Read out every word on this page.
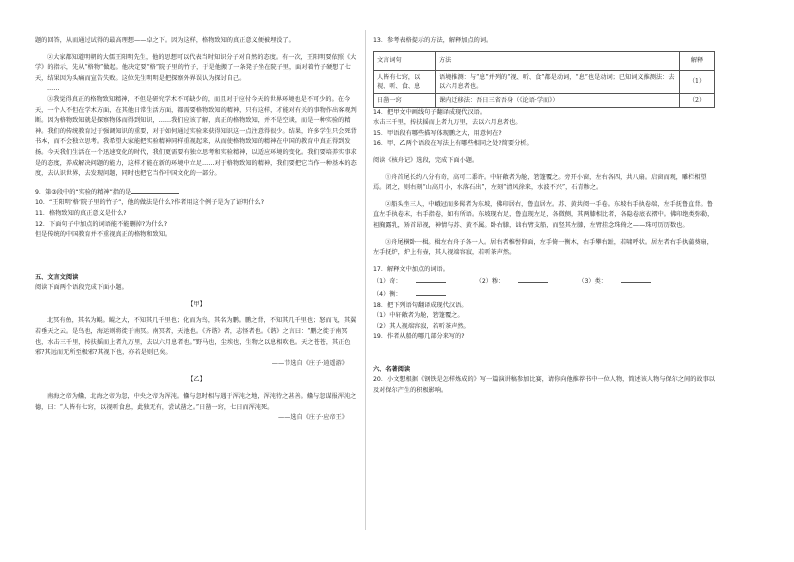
题的回答，从而通过试得的最高理想——卓之下。因为这样，格物致知的真正意义便被埋没了。

②大家都知道明朝的大儒王阳明先生，他的思想可以代表当时知识分子对自然的态度。有一次，王阳明要依照《大学》的指示，先从“格物”做起。他决定要“格”院子里的竹子，于是他搬了一条凳子坐在院子里，面对着竹子硬想了七天，结果因为头痛而宣告失败。这位先生明明是把探察外界误认为探讨自己。

……

③我觉得真正的格物致知精神，不但是研究学术不可缺少的，而且对于应付今天的世界环境也是不可少的。在今天，一个人不但在学术方面，在其他日常生活方面，都需要格物致知的精神，只有这样，才能对有关的事物作出客观判断。因为格物致知就是探察物体而得到知识，……我们应该了解，真正的格物致知，并不是空谈，而是一种实验的精神。我们的传统教育过于强调知识的重要，对于如何通过实验来获得知识这一点注意得很少。结果，许多学生只会死背书本，而不会独立思考。我希望大家能把实验精神同样重视起来，从而使格物致知的精神在中国的教育中真正得到发扬。今天我们生活在一个迅速变化的时代，我们更需要有独立思考和实验精神，以适应环境的变化。我们要培养实事求是的态度，养成解决问题的能力，这样才能在新的环境中立足……对于格物致知的精神，我们要把它当作一种基本的态度，去认识世界，去发现问题，同时也把它当作中国文化的一部分。

9．第③段中的“实验的精神”指的是

10．“王阳明‘格’院子里的竹子”，他的做法是什么?作者用这个例子是为了证明什么?

11．格物致知的真正意义是什么?

12．下面句子中加点的词语能不能删掉?为什么?

但是传统的中国教育并不重视真正的格物和致知。

五、文言文阅读

阅读下面两个语段完成下面小题。

【甲】

北冥有鱼，其名为鲲。鲲之大，不知其几千里也；化而为鸟，其名为鹏。鹏之背，不知其几千里也；怒而飞，其翼若垂天之云。是鸟也，海运则将徙于南冥。南冥者，天池也。《齐谐》者，志怪者也。《谐》之言曰：“鹏之徙于南冥也，水击三千里，抟扶摇而上者九万里，去以六月息者也。”野马也，尘埃也，生物之以息相吹也。天之苍苍，其正色邪?其远而无所至极邪?其视下也，亦若是则已矣。

——节选自《庄子·逍遥游》

【乙】

南海之帝为儵，北海之帝为忽，中央之帝为浑沌。儵与忽时相与遇于浑沌之地，浑沌待之甚善。儵与忽谋报浑沌之德，曰：“人皆有七窍，以视听食息，此独无有，尝试凿之。”日凿一窍，七日而浑沌死。

——选自《庄子·应帝王》

13．参考表格提示的方法，解释加点的词。

文言词句	方法	解释
人皆有七窍，以视、听、食、息	语境推测：与“息”并列的“视、听、食”都是动词，“息”也是动词；已知词义推测法：去以六月息者也。	（1）
日凿一窍	课内迁移法：吾日三省吾身（《论语·学而》）	（2）

14．把甲文中画线句子翻译成现代汉语。

水击三千里，抟扶摇而上者九万里，去以六月息者也。

15．甲语段有哪些描写体现鹏之大，用意何在?

16．甲、乙两个语段在写法上有哪些相同之处?简要分析。

阅读《核舟记》选段，完成下面小题。

①舟首尾长约八分有奇，高可二黍许。中轩敞者为舱，箬篷覆之。旁开小窗，左右各四，共八扇。启窗而观，雕栏相望焉。闭之，则右刻“山高月小，水落石出”，左刻“清风徐来，水波不兴”，石青糁之。

②船头坐三人，中峨冠而多髯者为东坡，佛印居右，鲁直居左。苏、黄共阅一手卷。东坡右手执卷端，左手抚鲁直背。鲁直左手执卷末，右手指卷，如有所语。东坡现右足，鲁直现左足，各微侧，其两膝相比者，各隐卷底衣褶中。佛印绝类弥勒，袒胸露乳，矫首昂视，神情与苏、黄不属。卧右膝，诎右臂支船，而竖其左膝，左臂挂念珠倚之——珠可历历数也。

③舟尾横卧一楫。楫左右舟子各一人。居右者椎髻仰面，左手倚一衡木，右手攀右趾，若啸呼状。居左者右手执蒲葵扇，左手抚炉，炉上有壶，其人视端容寂，若听茶声然。

17．解释文中加点的词语。

（1）奇：	（2）糁：	（3）类： （4）衡：

18．把下列语句翻译成现代汉语。

（1）中轩敞者为舱，箬篷覆之。

（2）其人视端容寂，若听茶声然。

19．作者从船的哪几部分来写的?

六、名著阅读

20．小文想根据《钢铁是怎样炼成的》写一篇演讲稿参加比赛，请你向他推荐书中一位人物，简述该人物与保尔之间的故事以及对保尔产生的积极影响。
